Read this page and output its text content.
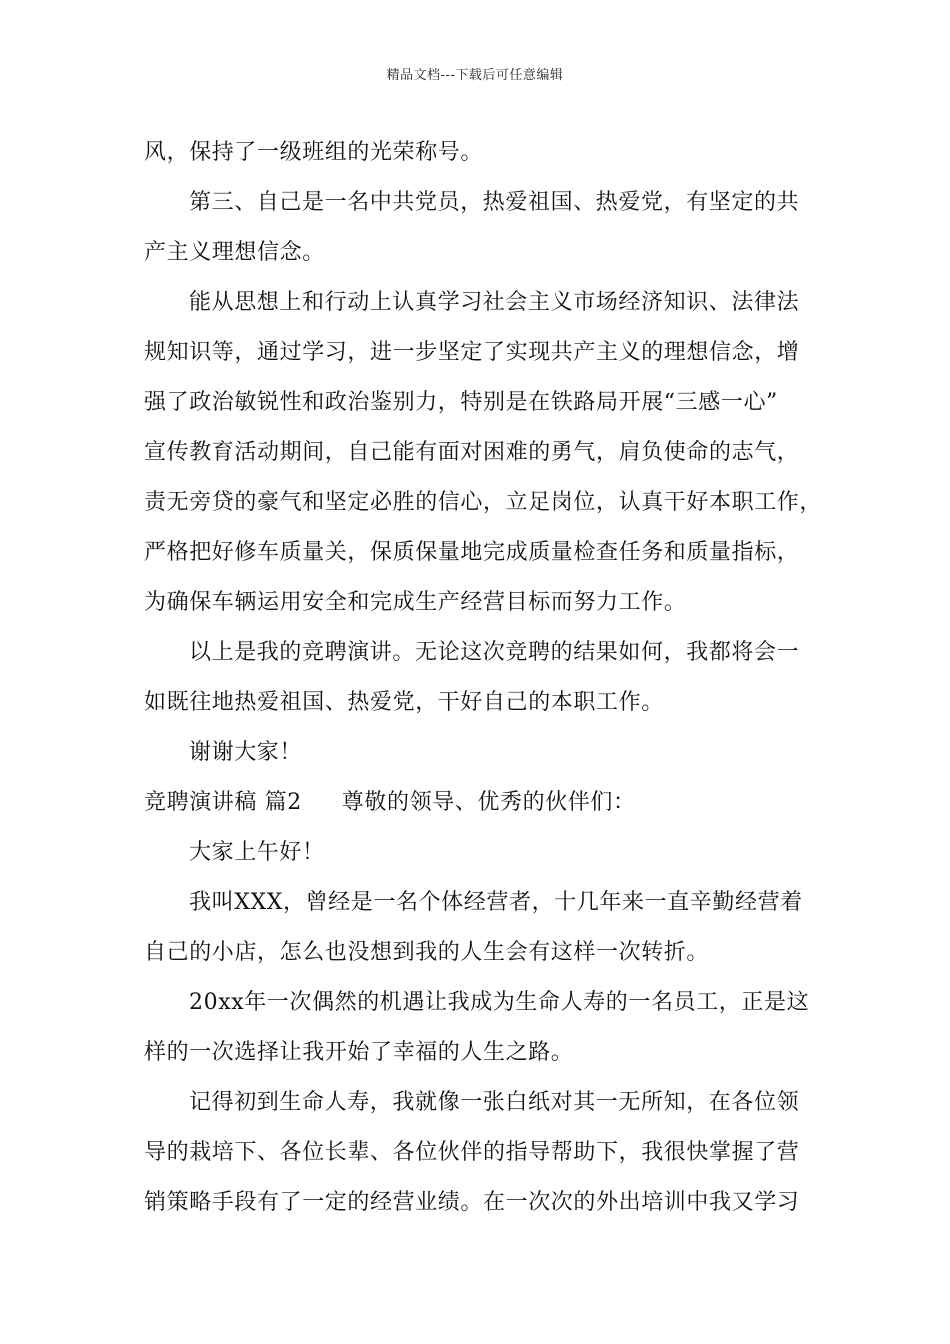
精品文档---下载后可任意编辑
风，保持了一级班组的光荣称号。
第三、自己是一名中共党员，热爱祖国、热爱党，有坚定的共
产主义理想信念。
能从思想上和行动上认真学习社会主义市场经济知识、法律法
规知识等，通过学习，进一步坚定了实现共产主义的理想信念，增
强了政治敏锐性和政治鉴别力，特别是在铁路局开展“三感一心”
宣传教育活动期间，自己能有面对困难的勇气，肩负使命的志气，
责无旁贷的豪气和坚定必胜的信心，立足岗位，认真干好本职工作，
严格把好修车质量关，保质保量地完成质量检查任务和质量指标，
为确保车辆运用安全和完成生产经营目标而努力工作。
以上是我的竞聘演讲。无论这次竞聘的结果如何，我都将会一
如既往地热爱祖国、热爱党，干好自己的本职工作。
谢谢大家！
竞聘演讲稿 篇2 尊敬的领导、优秀的伙伴们：
大家上午好！
我叫XXX，曾经是一名个体经营者，十几年来一直辛勤经营着
自己的小店，怎么也没想到我的人生会有这样一次转折。
20xx年一次偶然的机遇让我成为生命人寿的一名员工，正是这
样的一次选择让我开始了幸福的人生之路。
记得初到生命人寿，我就像一张白纸对其一无所知，在各位领
导的栽培下、各位长辈、各位伙伴的指导帮助下，我很快掌握了营
销策略手段有了一定的经营业绩。在一次次的外出培训中我又学习
